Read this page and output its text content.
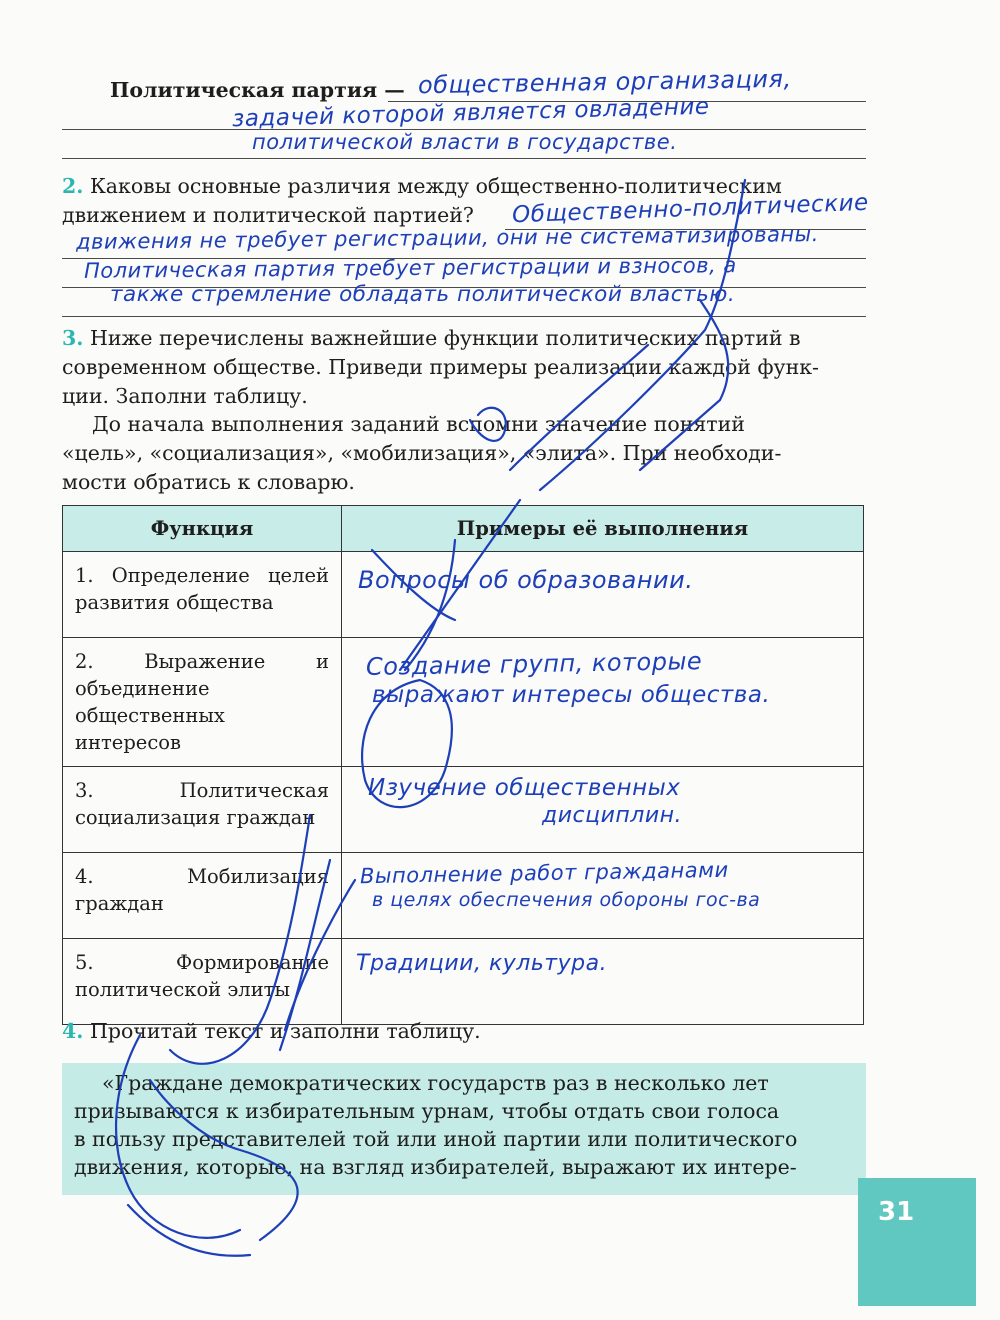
Политическая партия — общественная организация,
задачей которой является овладение
политической власти в государстве.

2. Каковы основные различия между общественно-политическим

движением и политической партией?	Общественно-политические
движения не требует регистрации, они не систематизированы.
Политическая партия требует регистрации и взносов, а
также стремление обладать политической властью.

3. Ниже перечислены важнейшие функции политических партий в

современном обществе. Приведи примеры реализации каждой функ-

ции. Заполни таблицу.

До начала выполнения заданий вспомни значение понятий

«цель», «социализация», «мобилизация», «элита». При необходи-

мости обратись к словарю.

Функция	Примеры её выполнения
1. Определение целей развития общества	Вопросы об образовании.

2. Выражение и объединение общественных интересов	Создание групп, которые
выражают интересы общества.

3. Политическая социализация граждан	Изучение общественных
дисциплин.

4. Мобилизация граждан	Выполнение работ гражданами
в целях обеспечения обороны гос-ва

5. Формирование политической элиты	Традиции, культура.

4. Прочитай текст и заполни таблицу.

«Граждане демократических государств раз в несколько лет
призываются к избирательным урнам, чтобы отдать свои голоса
в пользу представителей той или иной партии или политического
движения, которые, на взгляд избирателей, выражают их интере-
31
